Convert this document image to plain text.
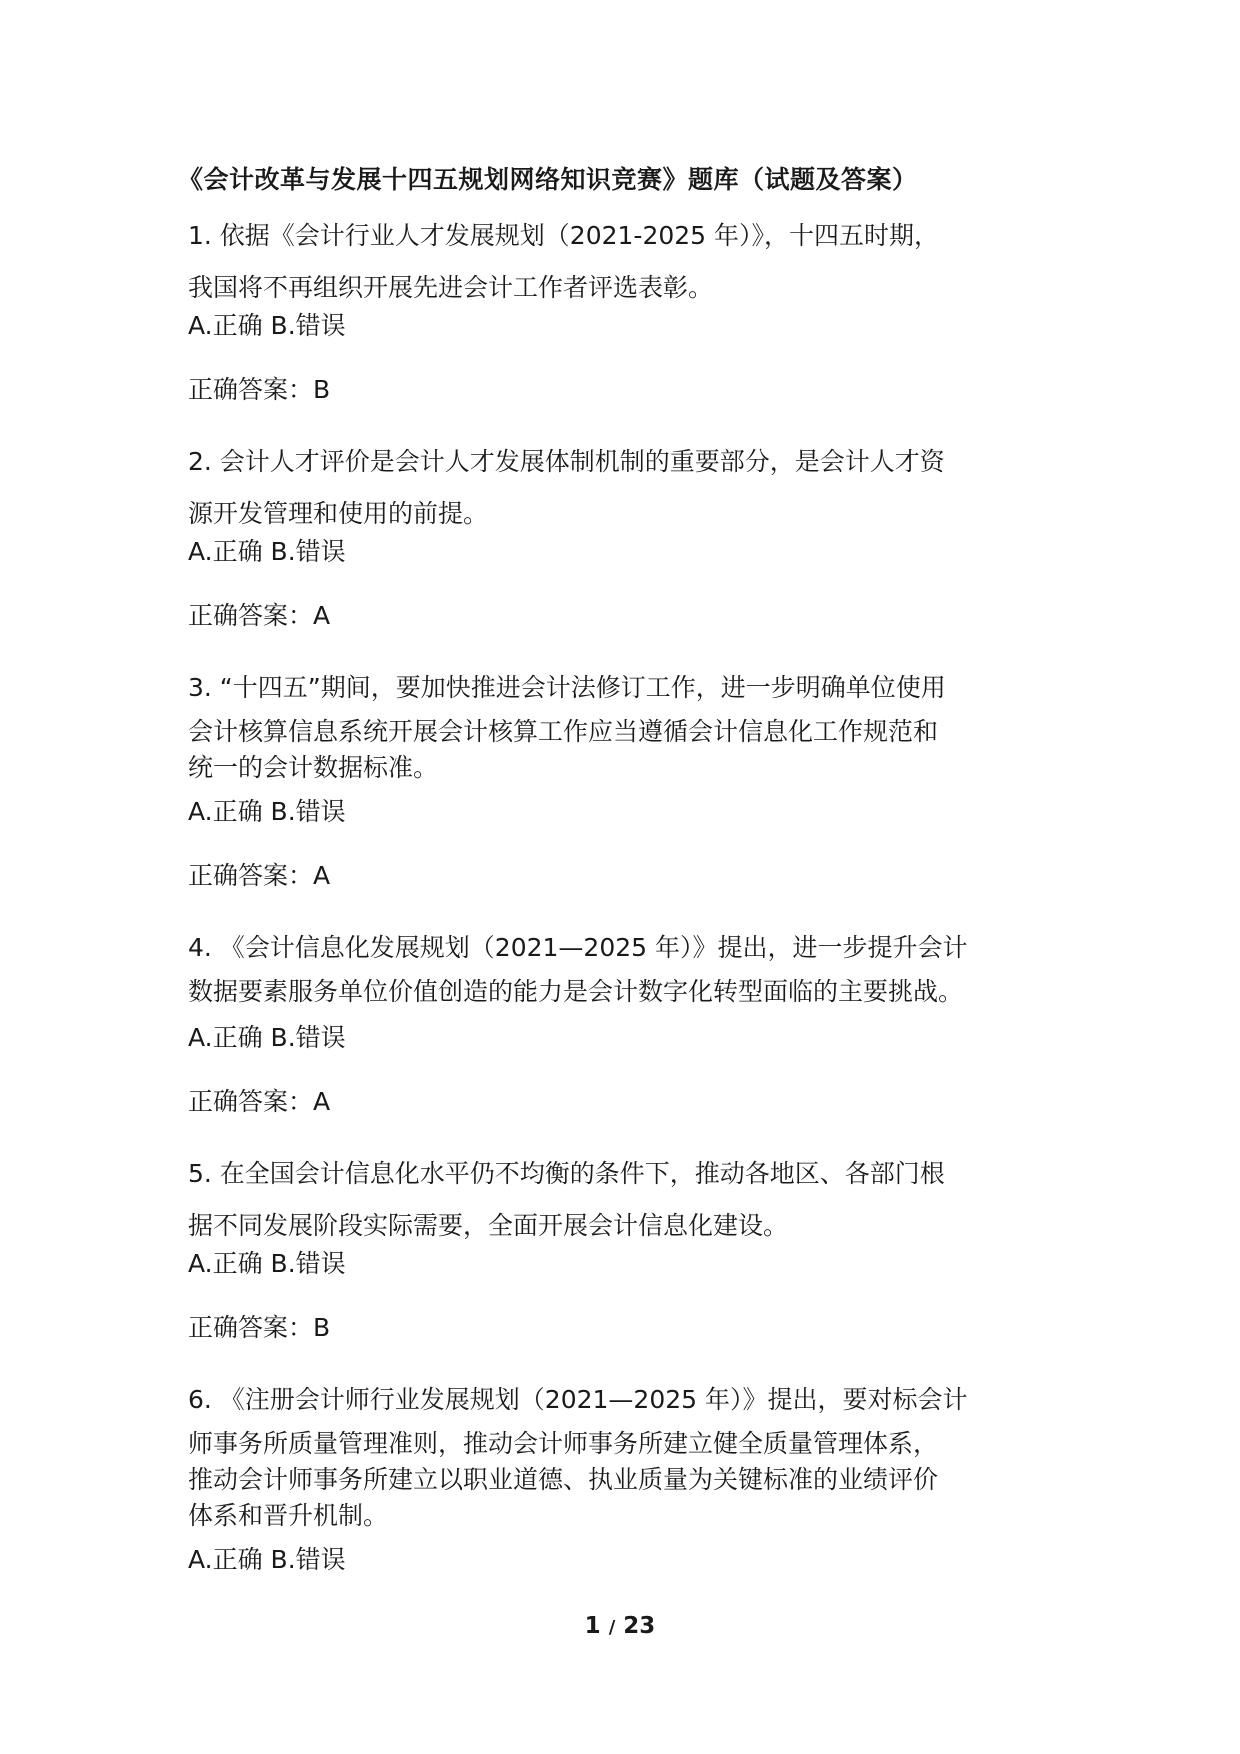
《会计改革与发展十四五规划网络知识竞赛》题库（试题及答案）
1. 依据《会计行业人才发展规划（2021-2025 年）》，十四五时期，
我国将不再组织开展先进会计工作者评选表彰。
A.正确 B.错误
正确答案：B
2. 会计人才评价是会计人才发展体制机制的重要部分，是会计人才资
源开发管理和使用的前提。
A.正确 B.错误
正确答案：A
3. “十四五”期间，要加快推进会计法修订工作，进一步明确单位使用
会计核算信息系统开展会计核算工作应当遵循会计信息化工作规范和
统一的会计数据标准。
A.正确 B.错误
正确答案：A
4. 《会计信息化发展规划（2021—2025 年）》提出，进一步提升会计
数据要素服务单位价值创造的能力是会计数字化转型面临的主要挑战。
A.正确 B.错误
正确答案：A
5. 在全国会计信息化水平仍不均衡的条件下，推动各地区、各部门根
据不同发展阶段实际需要，全面开展会计信息化建设。
A.正确 B.错误
正确答案：B
6. 《注册会计师行业发展规划（2021—2025 年）》提出，要对标会计
师事务所质量管理准则，推动会计师事务所建立健全质量管理体系，
推动会计师事务所建立以职业道德、执业质量为关键标准的业绩评价
体系和晋升机制。
A.正确 B.错误
1 / 23
